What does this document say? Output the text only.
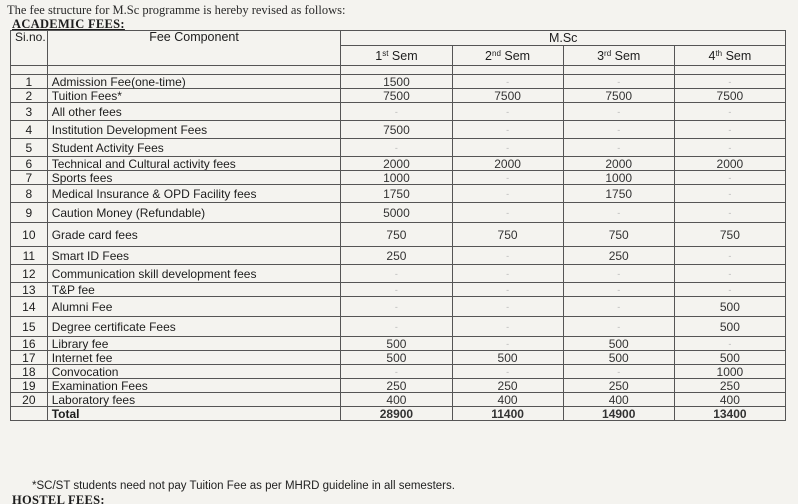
The fee structure for M.Sc programme is hereby revised as follows:
ACADEMIC FEES:
Si.no.	Fee Component	M.Sc			
		1st Sem	2nd Sem	3rd Sem	4th Sem

1	Admission Fee(one-time)	1500	-	-	-
2	Tuition Fees*	7500	7500	7500	7500
3	All other fees	-	-	-	-
4	Institution Development Fees	7500	-	-	-
5	Student Activity Fees	-	-	-	-
6	Technical and Cultural activity fees	2000	2000	2000	2000
7	Sports fees	1000	-	1000	-
8	Medical Insurance & OPD Facility fees	1750	-	1750	-
9	Caution Money (Refundable)	5000	-	-	-
10	Grade card fees	750	750	750	750
11	Smart ID Fees	250	-	250	-
12	Communication skill development fees	-	-	-	-
13	T&P fee	-	-	-	-
14	Alumni Fee	-	-	-	500
15	Degree certificate Fees	-	-	-	500
16	Library fee	500	-	500	-
17	Internet fee	500	500	500	500
18	Convocation	-	-	-	1000
19	Examination Fees	250	250	250	250
20	Laboratory fees	400	400	400	400
	Total	28900	11400	14900	13400
*SC/ST students need not pay Tuition Fee as per MHRD guideline in all semesters.
HOSTEL FEES:
